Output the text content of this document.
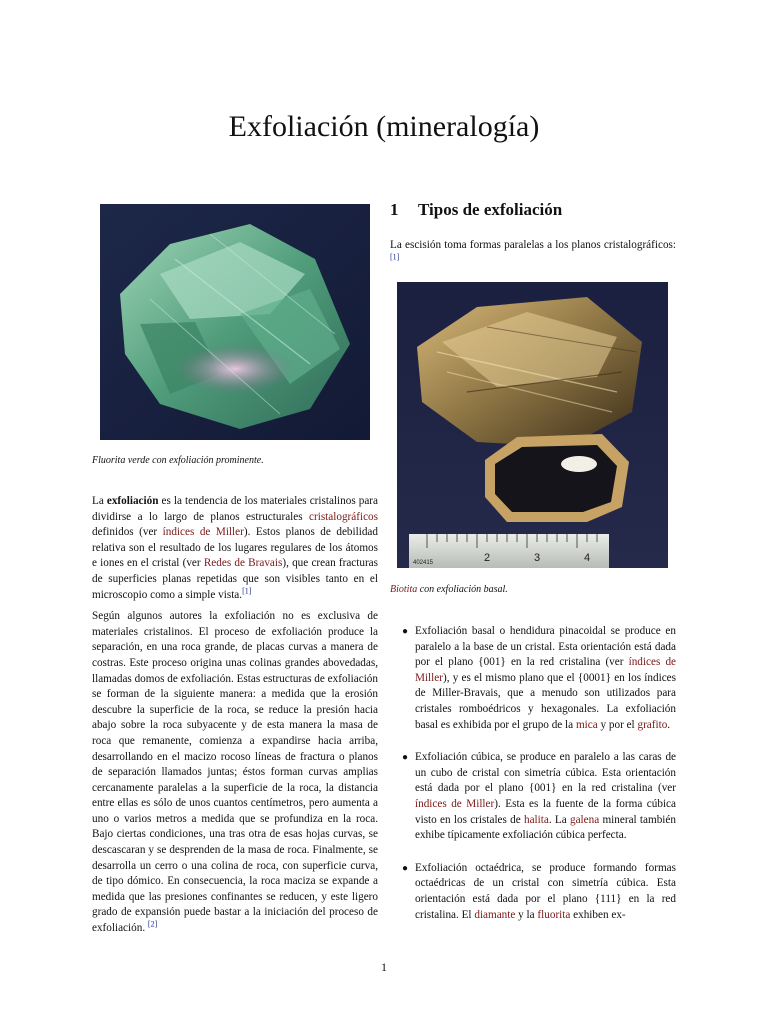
Exfoliación (mineralogía)
Fluorita verde con exfoliación prominente.

La exfoliación es la tendencia de los materiales cristalinos para dividirse a lo largo de planos estructurales cristalográficos definidos (ver índices de Miller). Estos planos de debilidad relativa son el resultado de los lugares regulares de los átomos e iones en el cristal (ver Redes de Bravais), que crean fracturas de superficies planas repetidas que son visibles tanto en el microscopio como a simple vista.[1]

Según algunos autores la exfoliación no es exclusiva de materiales cristalinos. El proceso de exfoliación produce la separación, en una roca grande, de placas curvas a manera de costras. Este proceso origina unas colinas grandes abovedadas, llamadas domos de exfoliación. Estas estructuras de exfoliación se forman de la siguiente manera: a medida que la erosión descubre la superficie de la roca, se reduce la presión hacia abajo sobre la roca subyacente y de esta manera la masa de roca que remanente, comienza a expandirse hacia arriba, desarrollando en el macizo rocoso líneas de fractura o planos de separación llamados juntas; éstos forman curvas amplias cercanamente paralelas a la superficie de la roca, la distancia entre ellas es sólo de unos cuantos centímetros, pero aumenta a uno o varios metros a medida que se profundiza en la roca. Bajo ciertas condiciones, una tras otra de esas hojas curvas, se descascaran y se desprenden de la masa de roca. Finalmente, se desarrolla un cerro o una colina de roca, con superficie curva, de tipo dómico. En consecuencia, la roca maciza se expande a medida que las presiones confinantes se reducen, y este ligero grado de expansión puede bastar a la iniciación del proceso de exfoliación. [2]

1 Tipos de exfoliación

La escisión toma formas paralelas a los planos cristalográficos:[1]

2	3	4
402415
Biotita con exfoliación basal.
● Exfoliación basal o hendidura pinacoidal se produce en paralelo a la base de un cristal. Esta orientación está dada por el plano {001} en la red cristalina (ver índices de Miller), y es el mismo plano que el {0001} en los índices de Miller-Bravais, que a menudo son utilizados para cristales romboédricos y hexagonales. La exfoliación basal es exhibida por el grupo de la mica y por el grafito.
● Exfoliación cúbica, se produce en paralelo a las caras de un cubo de cristal con simetría cúbica. Esta orientación está dada por el plano {001} en la red cristalina (ver índices de Miller). Esta es la fuente de la forma cúbica visto en los cristales de halita. La galena mineral también exhibe típicamente exfoliación cúbica perfecta.
● Exfoliación octaédrica, se produce formando formas octaédricas de un cristal con simetría cúbica. Esta orientación está dada por el plano {111} en la red cristalina. El diamante y la fluorita exhiben ex-
1
